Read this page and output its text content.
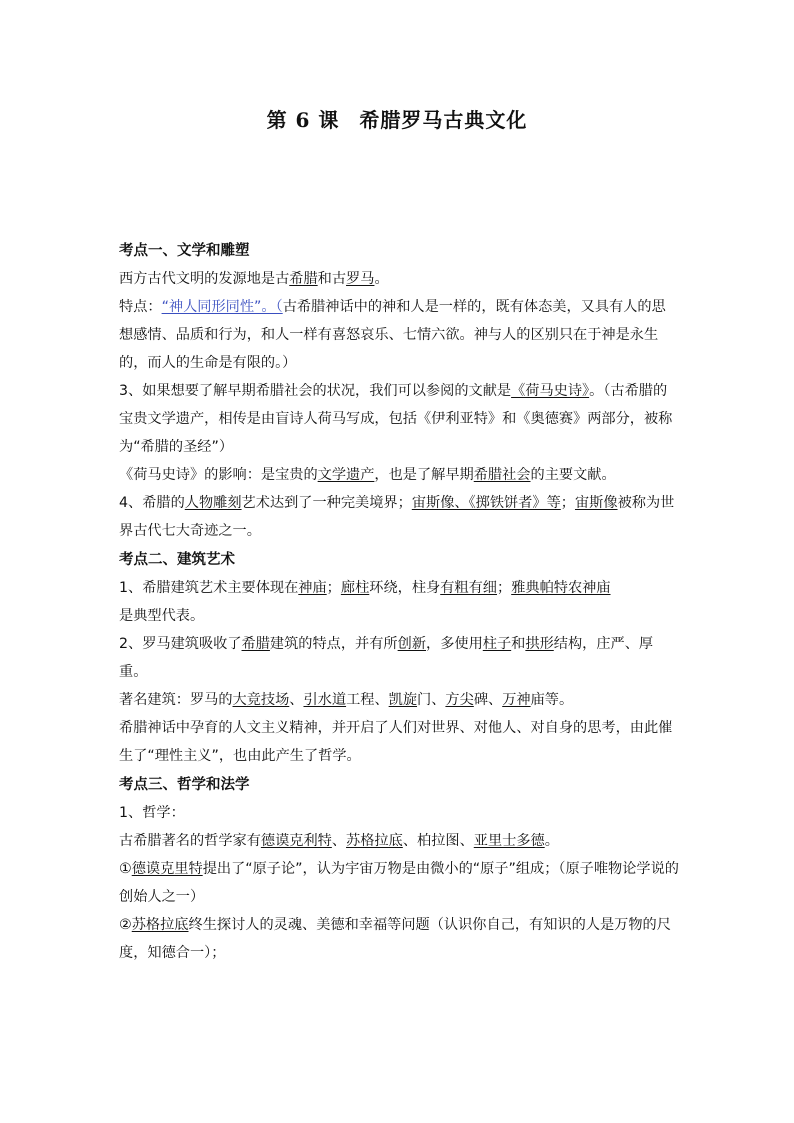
第 6 课 希腊罗马古典文化
考点一、文学和雕塑

西方古代文明的发源地是古希腊和古罗马。

特点：“神人同形同性”。（古希腊神话中的神和人是一样的，既有体态美，又具有人的思想感情、品质和行为，和人一样有喜怒哀乐、七情六欲。神与人的区别只在于神是永生的，而人的生命是有限的。）

3、如果想要了解早期希腊社会的状况，我们可以参阅的文献是《荷马史诗》。（古希腊的宝贵文学遗产，相传是由盲诗人荷马写成，包括《伊利亚特》和《奥德赛》两部分，被称为“希腊的圣经”）

《荷马史诗》的影响：是宝贵的文学遗产，也是了解早期希腊社会的主要文献。

4、希腊的人物雕刻艺术达到了一种完美境界；宙斯像、《掷铁饼者》等；宙斯像被称为世界古代七大奇迹之一。

考点二、建筑艺术

1、希腊建筑艺术主要体现在神庙；廊柱环绕，柱身有粗有细；雅典帕特农神庙
是典型代表。

2、罗马建筑吸收了希腊建筑的特点，并有所创新，多使用柱子和拱形结构，庄严、厚重。

著名建筑：罗马的大竞技场、引水道工程、凯旋门、方尖碑、万神庙等。

希腊神话中孕育的人文主义精神，并开启了人们对世界、对他人、对自身的思考，由此催生了“理性主义”，也由此产生了哲学。

考点三、哲学和法学

1、哲学：

古希腊著名的哲学家有德谟克利特、苏格拉底、柏拉图、亚里士多德。

①德谟克里特提出了“原子论”，认为宇宙万物是由微小的“原子”组成；（原子唯物论学说的创始人之一）

②苏格拉底终生探讨人的灵魂、美德和幸福等问题（认识你自己，有知识的人是万物的尺度，知德合一）；
